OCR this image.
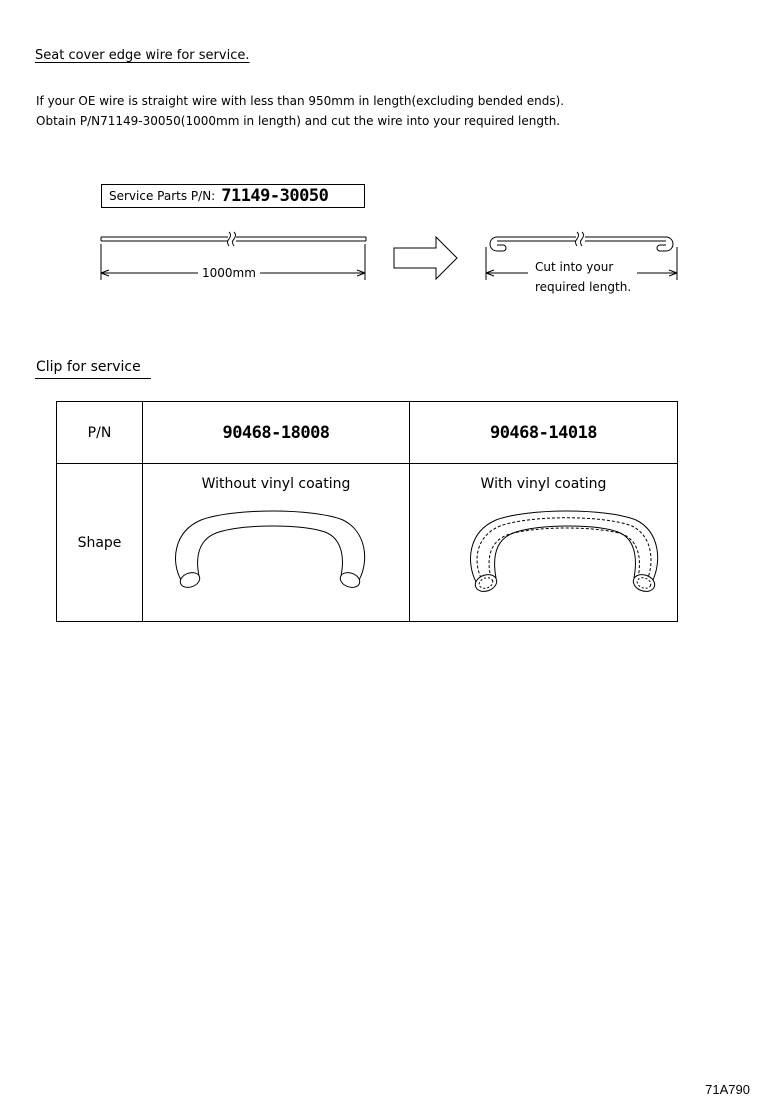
Seat cover edge wire for service.
If your OE wire is straight wire with less than 950mm in length(excluding bended ends).
Obtain P/N71149-30050(1000mm in length) and cut the wire into your required length.
Service Parts P/N: 71149-30050
1000mm	Cut into your
required length.
Clip for service
P/N	90468-18008	90468-14018
Shape	Without vinyl coating	With vinyl coating
71A790
